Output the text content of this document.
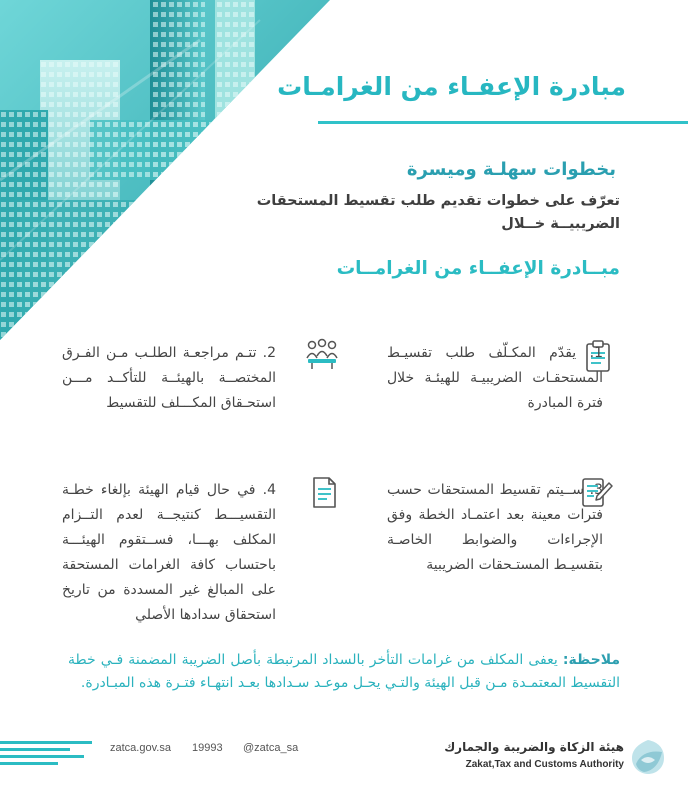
مبادرة الإعفـاء من الغرامـات
بخطوات سهلـة وميسرة
تعرّف على خطوات تقديم طلب تقسيط المستحقات الضريبيــة خــلال
مبــادرة الإعفــاء من الغرامــات
1. يقدّم المكـلّف طلب تقسيـط المستحقـات الضريبيـة للهيئـة خلال فترة المبادرة
2. تتـم مراجعـة الطلـب مـن الفـرق المختصــة بالهيئــة للتأكــد مـــن استحـقاق المكـــلف للتقسيط
3. ســيتم تقسيط المستحقات حسب فترات معينة بعد اعتمـاد الخطة وفق الإجراءات والضوابط الخاصـة بتقسيـط المستـحقات الضريبية
4. في حال قيام الهيئة بإلغاء خطـة التقسيـــط كنتيجــة لعدم التــزام المكلف بهـــا، فســتقوم الهيئـــة باحتساب كافة الغرامات المستحقة على المبالغ غير المسددة من تاريخ استحقاق سدادها الأصلي
ملاحظة: يعفى المكلف من غرامات التأخر بالسداد المرتبطة بأصل الضريبة المضمنة فـي خطة التقسيط المعتمـدة مـن قبل الهيئة والتـي يحـل موعـد سـدادها بعـد انتهـاء فتـرة هذه المبـادرة.
zatca.gov.sa 19993 @zatca_sa	هيئة الزكاة والضريبة والجمارك
Zakat,Tax and Customs Authority
